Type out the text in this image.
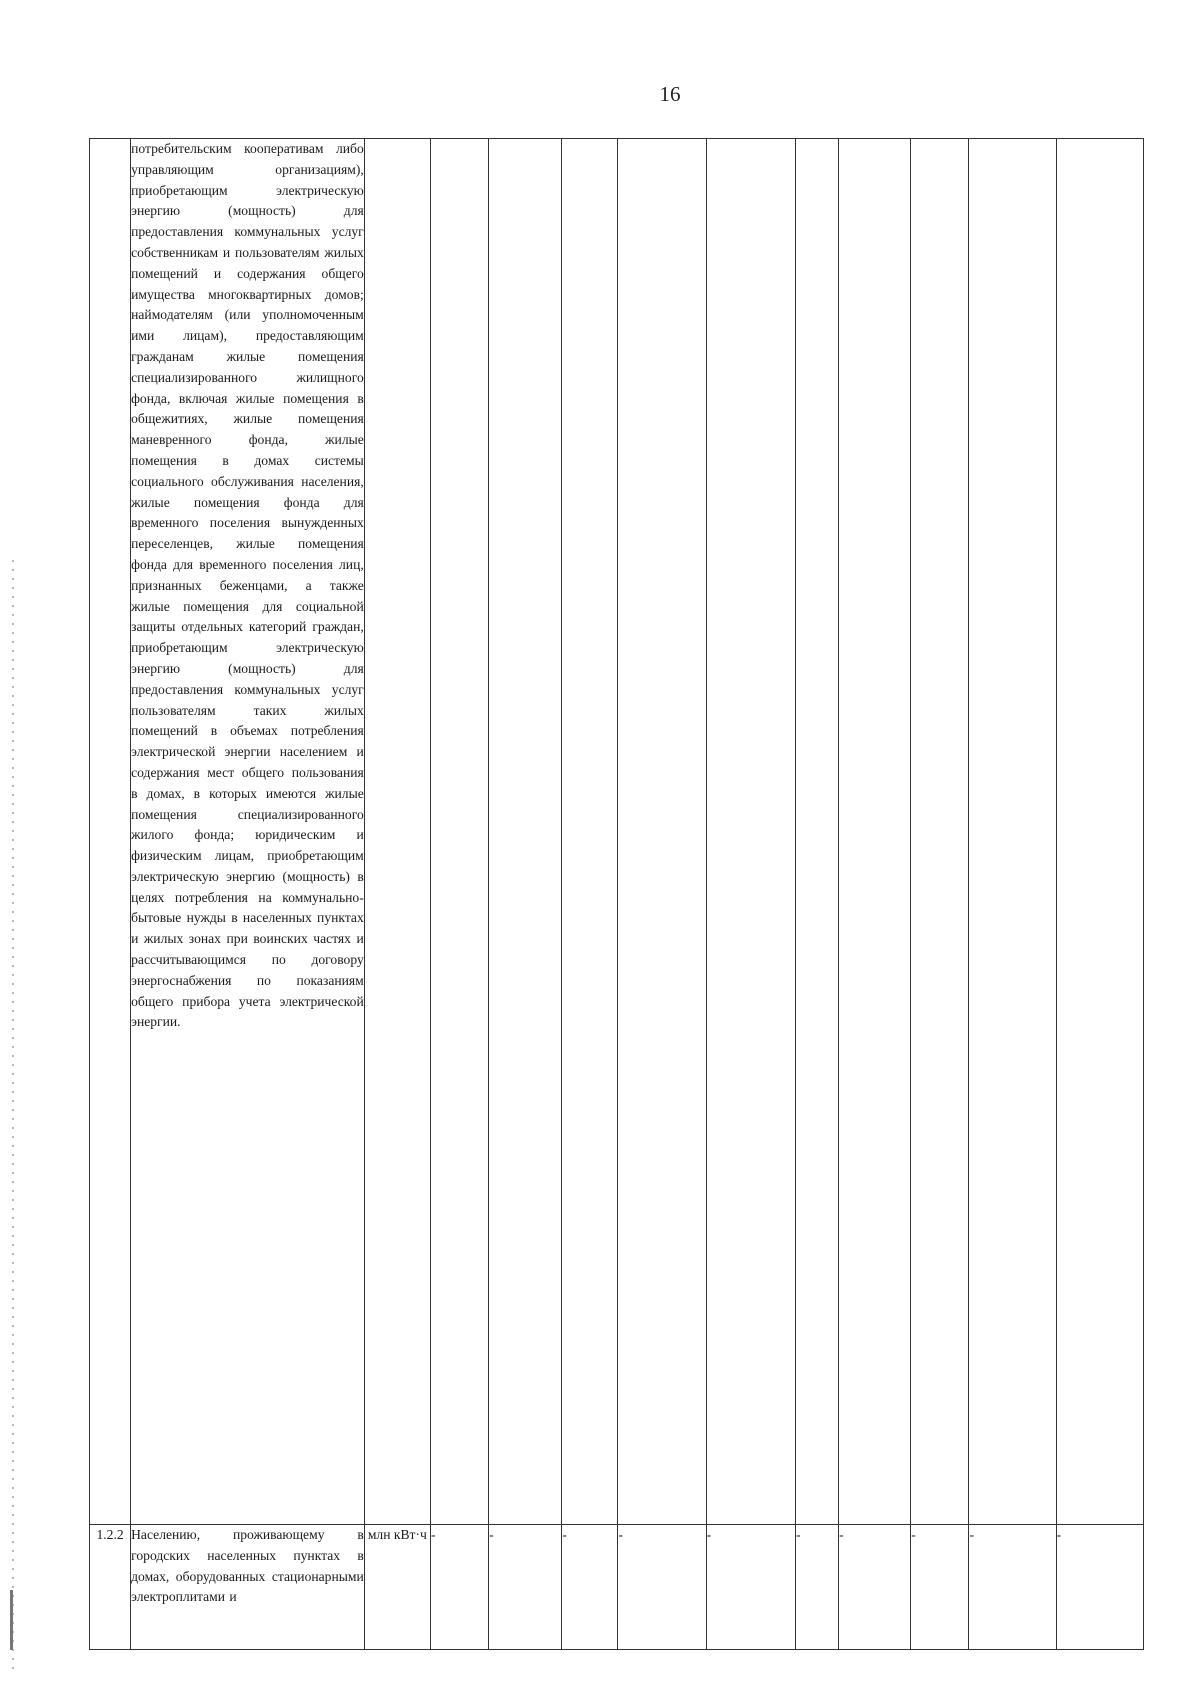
16
	потребительским кооперативам либо управляющим организациям), приобретающим электрическую энергию (мощность) для предоставления коммунальных услуг собственникам и пользователям жилых помещений и содержания общего имущества многоквартирных домов; наймодателям (или уполномоченным ими лицам), предоставляющим гражданам жилые помещения специализированного жилищного фонда, включая жилые помещения в общежитиях, жилые помещения маневренного фонда, жилые помещения в домах системы социального обслуживания населения, жилые помещения фонда для временного поселения вынужденных переселенцев, жилые помещения фонда для временного поселения лиц, признанных беженцами, а также жилые помещения для социальной защиты отдельных категорий граждан, приобретающим электрическую энергию (мощность) для предоставления коммунальных услуг пользователям таких жилых помещений в объемах потребления электрической энергии населением и содержания мест общего пользования в домах, в которых имеются жилые помещения специализированного жилого фонда; юридическим и физическим лицам, приобретающим электрическую энергию (мощность) в целях потребления на коммунально-бытовые нужды в населенных пунктах и жилых зонах при воинских частях и рассчитывающимся по договору энергоснабжения по показаниям общего прибора учета электрической энергии.											
1.2.2	Населению, проживающему в городских населенных пунктах в домах, оборудованных стационарными электроплитами и	млн кВт·ч	-	-	-	-	-	-	-	-	-	-
